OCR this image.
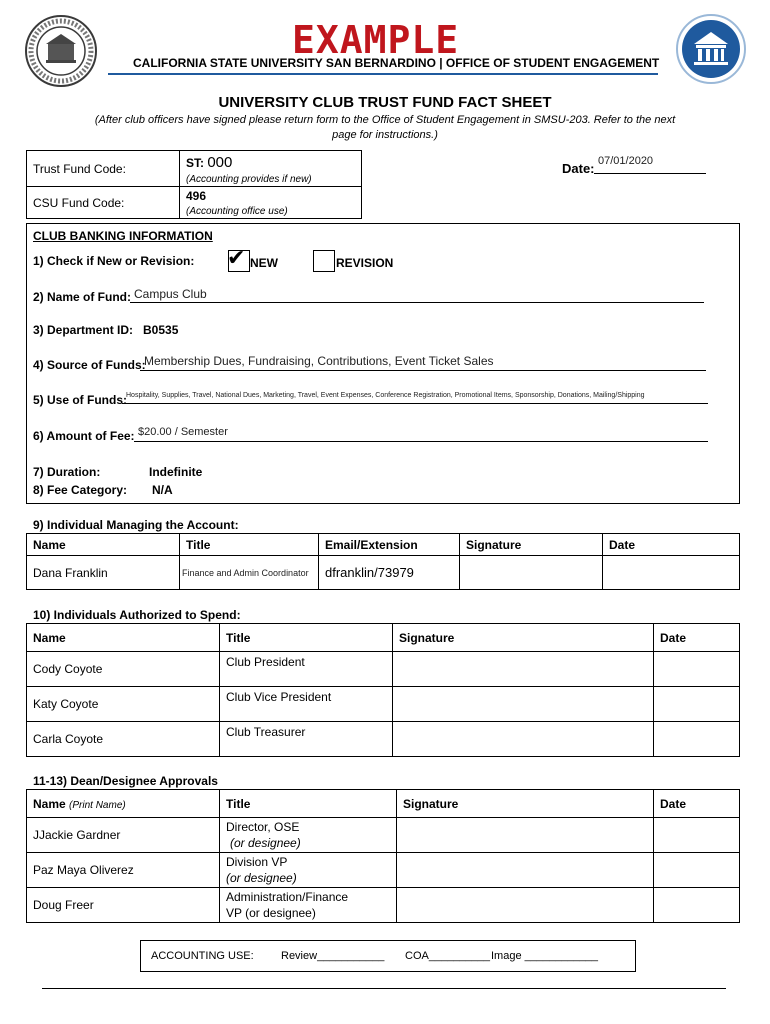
EXAMPLE
CALIFORNIA STATE UNIVERSITY SAN BERNARDINO | OFFICE OF STUDENT ENGAGEMENT
UNIVERSITY CLUB TRUST FUND FACT SHEET
(After club officers have signed please return form to the Office of Student Engagement in SMSU-203. Refer to the next
page for instructions.)
Trust Fund Code:	ST: 000
(Accounting provides if new)
CSU Fund Code:	496
(Accounting office use)
Date: 07/01/2020
CLUB BANKING INFORMATION
1) Check if New or Revision: ✔ NEW	REVISION
2) Name of Fund: Campus Club
3) Department ID: B0535
4) Source of Funds:
Membership Dues, Fundraising, Contributions, Event Ticket Sales
5) Use of Funds:
Hospitality, Supplies, Travel, National Dues, Marketing, Travel, Event Expenses, Conference Registration, Promotional Items, Sponsorship, Donations, Mailing/Shipping
6) Amount of Fee: $20.00 / Semester
7) Duration:	Indefinite
8) Fee Category: N/A
9) Individual Managing the Account:
Name	Title	Email/Extension	Signature	Date
Dana Franklin	Finance and Admin Coordinator	dfranklin/73979		
10) Individuals Authorized to Spend:
Name	Title	Signature	Date
Cody Coyote	Club President		
Katy Coyote	Club Vice President		
Carla Coyote	Club Treasurer		
11-13) Dean/Designee Approvals
Name (Print Name)	Title	Signature	Date
JJackie Gardner	Director, OSE
(or designee)		
Paz Maya Oliverez	Division VP
(or designee)		
Doug Freer	Administration/Finance
VP (or designee)		
ACCOUNTING USE: Review___________ COA__________ Image ____________
